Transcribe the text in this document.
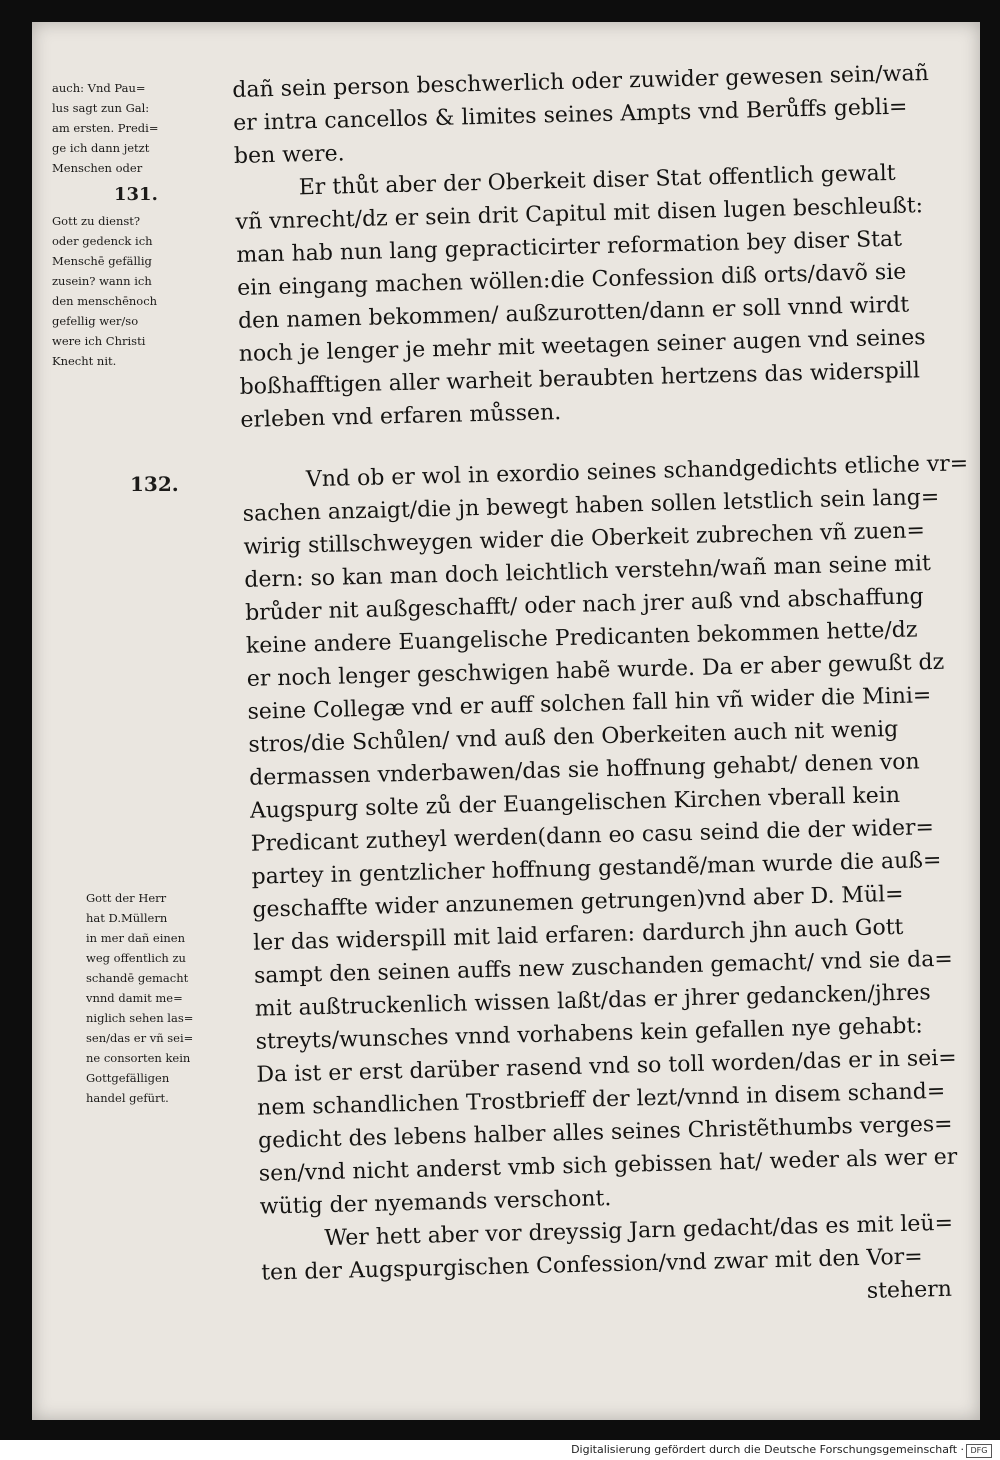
auch: Vnd Pau=

lus sagt zun Gal:

am ersten. Predi=

ge ich dann jetzt

Menschen oder

131.

Gott zu dienst?

oder gedenck ich

Menschē gefällig

zusein? wann ich

den menschēnoch

gefellig wer/so

were ich Christi

Knecht nit.

132.

Gott der Herr

hat D.Müllern

in mer dañ einen

weg offentlich zu

schandē gemacht

vnnd damit me=

niglich sehen las=

sen/das er vñ sei=

ne consorten kein

Gottgefälligen

handel gefürt.

dañ sein person beschwerlich oder zuwider gewesen sein/wañ
er intra cancellos & limites seines Ampts vnd Berůffs gebli=
ben were.
Er thůt aber der Oberkeit diser Stat offentlich gewalt
vñ vnrecht/dz er sein drit Capitul mit disen lugen beschleußt:
man hab nun lang gepracticirter reformation bey diser Stat
ein eingang machen wöllen:die Confession diß orts/davõ sie
den namen bekommen/ außzurotten/dann er soll vnnd wirdt
noch je lenger je mehr mit weetagen seiner augen vnd seines
boßhafftigen aller warheit beraubten hertzens das widerspill
erleben vnd erfaren můssen.
Vnd ob er wol in exordio seines schandgedichts etliche vr=
sachen anzaigt/die jn bewegt haben sollen letstlich sein lang=
wirig stillschweygen wider die Oberkeit zubrechen vñ zuen=
dern: so kan man doch leichtlich verstehn/wañ man seine mit
brůder nit außgeschafft/ oder nach jrer auß vnd abschaffung
keine andere Euangelische Predicanten bekommen hette/dz
er noch lenger geschwigen habẽ wurde. Da er aber gewußt dz
seine Collegæ vnd er auff solchen fall hin vñ wider die Mini=
stros/die Schůlen/ vnd auß den Oberkeiten auch nit wenig
dermassen vnderbawen/das sie hoffnung gehabt/ denen von
Augspurg solte zů der Euangelischen Kirchen vberall kein
Predicant zutheyl werden(dann eo casu seind die der wider=
partey in gentzlicher hoffnung gestandẽ/man wurde die auß=
geschaffte wider anzunemen getrungen)vnd aber D. Mül=
ler das widerspill mit laid erfaren: dardurch jhn auch Gott
sampt den seinen auffs new zuschanden gemacht/ vnd sie da=
mit außtruckenlich wissen laßt/das er jhrer gedancken/jhres
streyts/wunsches vnnd vorhabens kein gefallen nye gehabt:
Da ist er erst darüber rasend vnd so toll worden/das er in sei=
nem schandlichen Trostbrieff der lezt/vnnd in disem schand=
gedicht des lebens halber alles seines Christẽthumbs verges=
sen/vnd nicht anderst vmb sich gebissen hat/ weder als wer er
wütig der nyemands verschont.
Wer hett aber vor dreyssig Jarn gedacht/das es mit leü=
ten der Augspurgischen Confession/vnd zwar mit den Vor=
stehern
Digitalisierung gefördert durch die Deutsche Forschungsgemeinschaft · DFG
